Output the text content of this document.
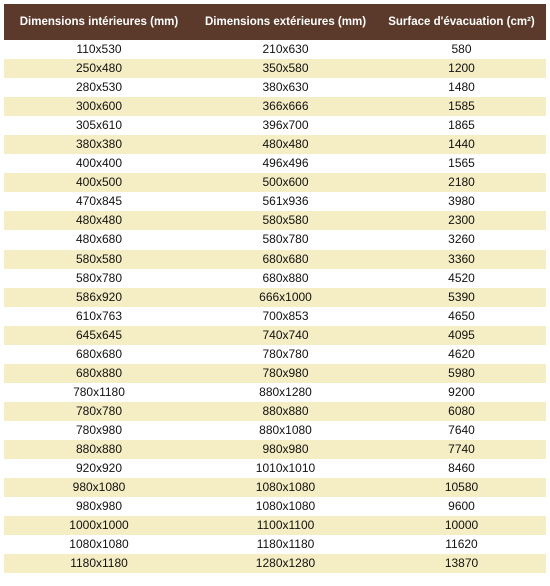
Dimensions intérieures (mm)	Dimensions extérieures (mm)	Surface d'évacuation (cm²)
110x530	210x630	580
250x480	350x580	1200
280x530	380x630	1480
300x600	366x666	1585
305x610	396x700	1865
380x380	480x480	1440
400x400	496x496	1565
400x500	500x600	2180
470x845	561x936	3980
480x480	580x580	2300
480x680	580x780	3260
580x580	680x680	3360
580x780	680x880	4520
586x920	666x1000	5390
610x763	700x853	4650
645x645	740x740	4095
680x680	780x780	4620
680x880	780x980	5980
780x1180	880x1280	9200
780x780	880x880	6080
780x980	880x1080	7640
880x880	980x980	7740
920x920	1010x1010	8460
980x1080	1080x1080	10580
980x980	1080x1080	9600
1000x1000	1100x1100	10000
1080x1080	1180x1180	11620
1180x1180	1280x1280	13870
